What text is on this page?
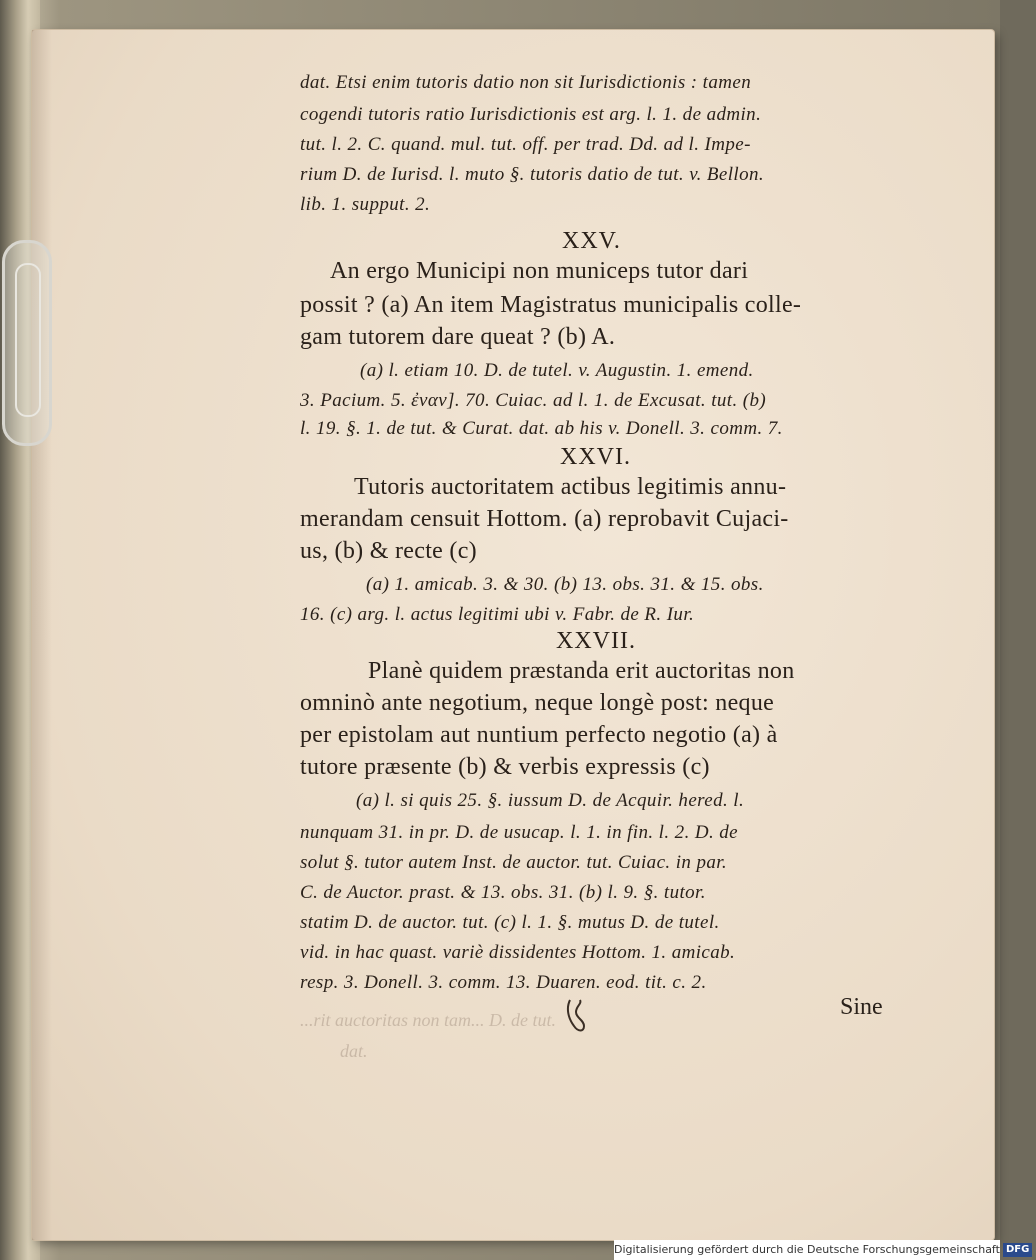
dat. Etsi enim tutoris datio non sit Iurisdictionis : tamen
cogendi tutoris ratio Iurisdictionis est arg. l. 1. de admin.
tut. l. 2. C. quand. mul. tut. off. per trad. Dd. ad l. Impe-
rium D. de Iurisd. l. muto §. tutoris datio de tut. v. Bellon.
lib. 1. supput. 2.
XXV.
An ergo Municipi non municeps tutor dari
possit ? (a) An item Magistratus municipalis colle-
gam tutorem dare queat ? (b) A.
(a) l. etiam 10. D. de tutel. v. Augustin. 1. emend.
3. Pacium. 5. ἐναν]. 70. Cuiac. ad l. 1. de Excusat. tut. (b)
l. 19. §. 1. de tut. & Curat. dat. ab his v. Donell. 3. comm. 7.
XXVI.
Tutoris auctoritatem actibus legitimis annu-
merandam censuit Hottom. (a) reprobavit Cujaci-
us, (b) & recte (c)
(a) 1. amicab. 3. & 30. (b) 13. obs. 31. & 15. obs.
16. (c) arg. l. actus legitimi ubi v. Fabr. de R. Iur.
XXVII.
Planè quidem præstanda erit auctoritas non
omninò ante negotium, neque longè post: neque
per epistolam aut nuntium perfecto negotio (a) à
tutore præsente (b) & verbis expressis (c)
(a) l. si quis 25. §. iussum D. de Acquir. hered. l.
nunquam 31. in pr. D. de usucap. l. 1. in fin. l. 2. D. de
solut §. tutor autem Inst. de auctor. tut. Cuiac. in par.
C. de Auctor. prast. & 13. obs. 31. (b) l. 9. §. tutor.
statim D. de auctor. tut. (c) l. 1. §. mutus D. de tutel.
vid. in hac quast. variè dissidentes Hottom. 1. amicab.
resp. 3. Donell. 3. comm. 13. Duaren. eod. tit. c. 2.
...rit auctoritas non tam... D. de tut.
dat.
Sine
Digitalisierung gefördert durch die Deutsche Forschungsgemeinschaft DFG
